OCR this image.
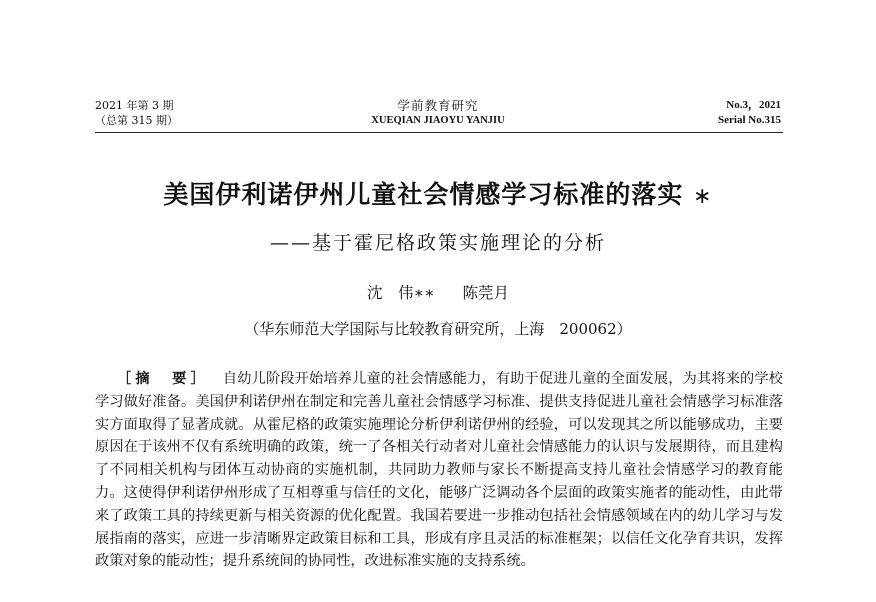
2021 年第 3 期
（总第 315 期）
学前教育研究
XUEQIAN JIAOYU YANJIU
No.3，2021
Serial No.315
美国伊利诺伊州儿童社会情感学习标准的落实 ∗
——基于霍尼格政策实施理论的分析
沈　伟∗∗ 陈莞月
（华东师范大学国际与比较教育研究所，上海　200062）
［摘　要］ 自幼儿阶段开始培养儿童的社会情感能力，有助于促进儿童的全面发展，为其将来的学校学习做好准备。美国伊利诺伊州在制定和完善儿童社会情感学习标准、提供支持促进儿童社会情感学习标准落实方面取得了显著成就。从霍尼格的政策实施理论分析伊利诺伊州的经验，可以发现其之所以能够成功，主要原因在于该州不仅有系统明确的政策，统一了各相关行动者对儿童社会情感能力的认识与发展期待，而且建构了不同相关机构与团体互动协商的实施机制，共同助力教师与家长不断提高支持儿童社会情感学习的教育能力。这使得伊利诺伊州形成了互相尊重与信任的文化，能够广泛调动各个层面的政策实施者的能动性，由此带来了政策工具的持续更新与相关资源的优化配置。我国若要进一步推动包括社会情感领域在内的幼儿学习与发展指南的落实，应进一步清晰界定政策目标和工具，形成有序且灵活的标准框架；以信任文化孕育共识，发挥政策对象的能动性；提升系统间的协同性，改进标准实施的支持系统。
